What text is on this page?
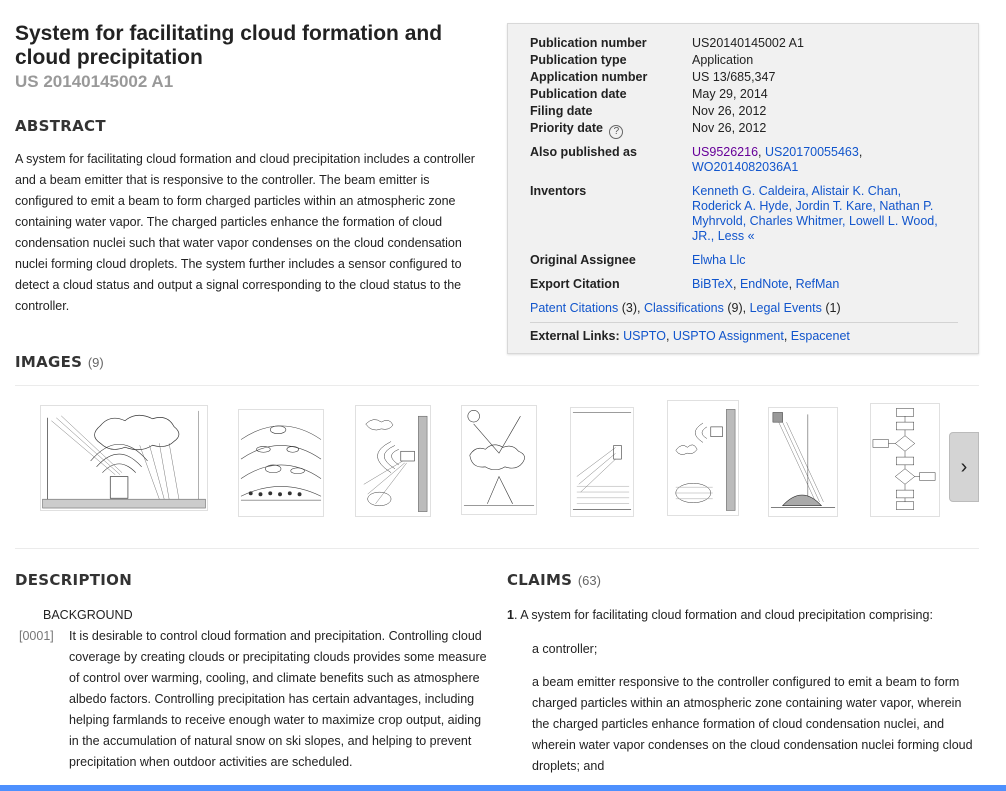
System for facilitating cloud formation and cloud precipitation
US 20140145002 A1
ABSTRACT
A system for facilitating cloud formation and cloud precipitation includes a controller and a beam emitter that is responsive to the controller. The beam emitter is configured to emit a beam to form charged particles within an atmospheric zone containing water vapor. The charged particles enhance the formation of cloud condensation nuclei such that water vapor condenses on the cloud condensation nuclei forming cloud droplets. The system further includes a sensor configured to detect a cloud status and output a signal corresponding to the cloud status to the controller.
Publication number	US20140145002 A1
Publication type	Application
Application number	US 13/685,347
Publication date	May 29, 2014
Filing date	Nov 26, 2012
Priority date ?	Nov 26, 2012
Also published as	US9526216, US20170055463,
WO2014082036A1
Inventors	Kenneth G. Caldeira, Alistair K. Chan,
Roderick A. Hyde, Jordin T. Kare, Nathan P.
Myhrvold, Charles Whitmer, Lowell L. Wood,
JR., Less «
Original Assignee	Elwha Llc
Export Citation	BiBTeX, EndNote, RefMan
Patent Citations (3), Classifications (9), Legal Events (1)
External Links: USPTO, USPTO Assignment, Espacenet
IMAGES (9)
›
DESCRIPTION
BACKGROUND
[0001] It is desirable to control cloud formation and precipitation. Controlling cloud coverage by creating clouds or precipitating clouds provides some measure of control over warming, cooling, and climate benefits such as atmosphere albedo factors. Controlling precipitation has certain advantages, including helping farmlands to receive enough water to maximize crop output, aiding in the accumulation of natural snow on ski slopes, and helping to prevent precipitation when outdoor activities are scheduled.
CLAIMS (63)
1. A system for facilitating cloud formation and cloud precipitation comprising:
a controller;
a beam emitter responsive to the controller configured to emit a beam to form charged particles within an atmospheric zone containing water vapor, wherein the charged particles enhance formation of cloud condensation nuclei, and wherein water vapor condenses on the cloud condensation nuclei forming cloud droplets; and
